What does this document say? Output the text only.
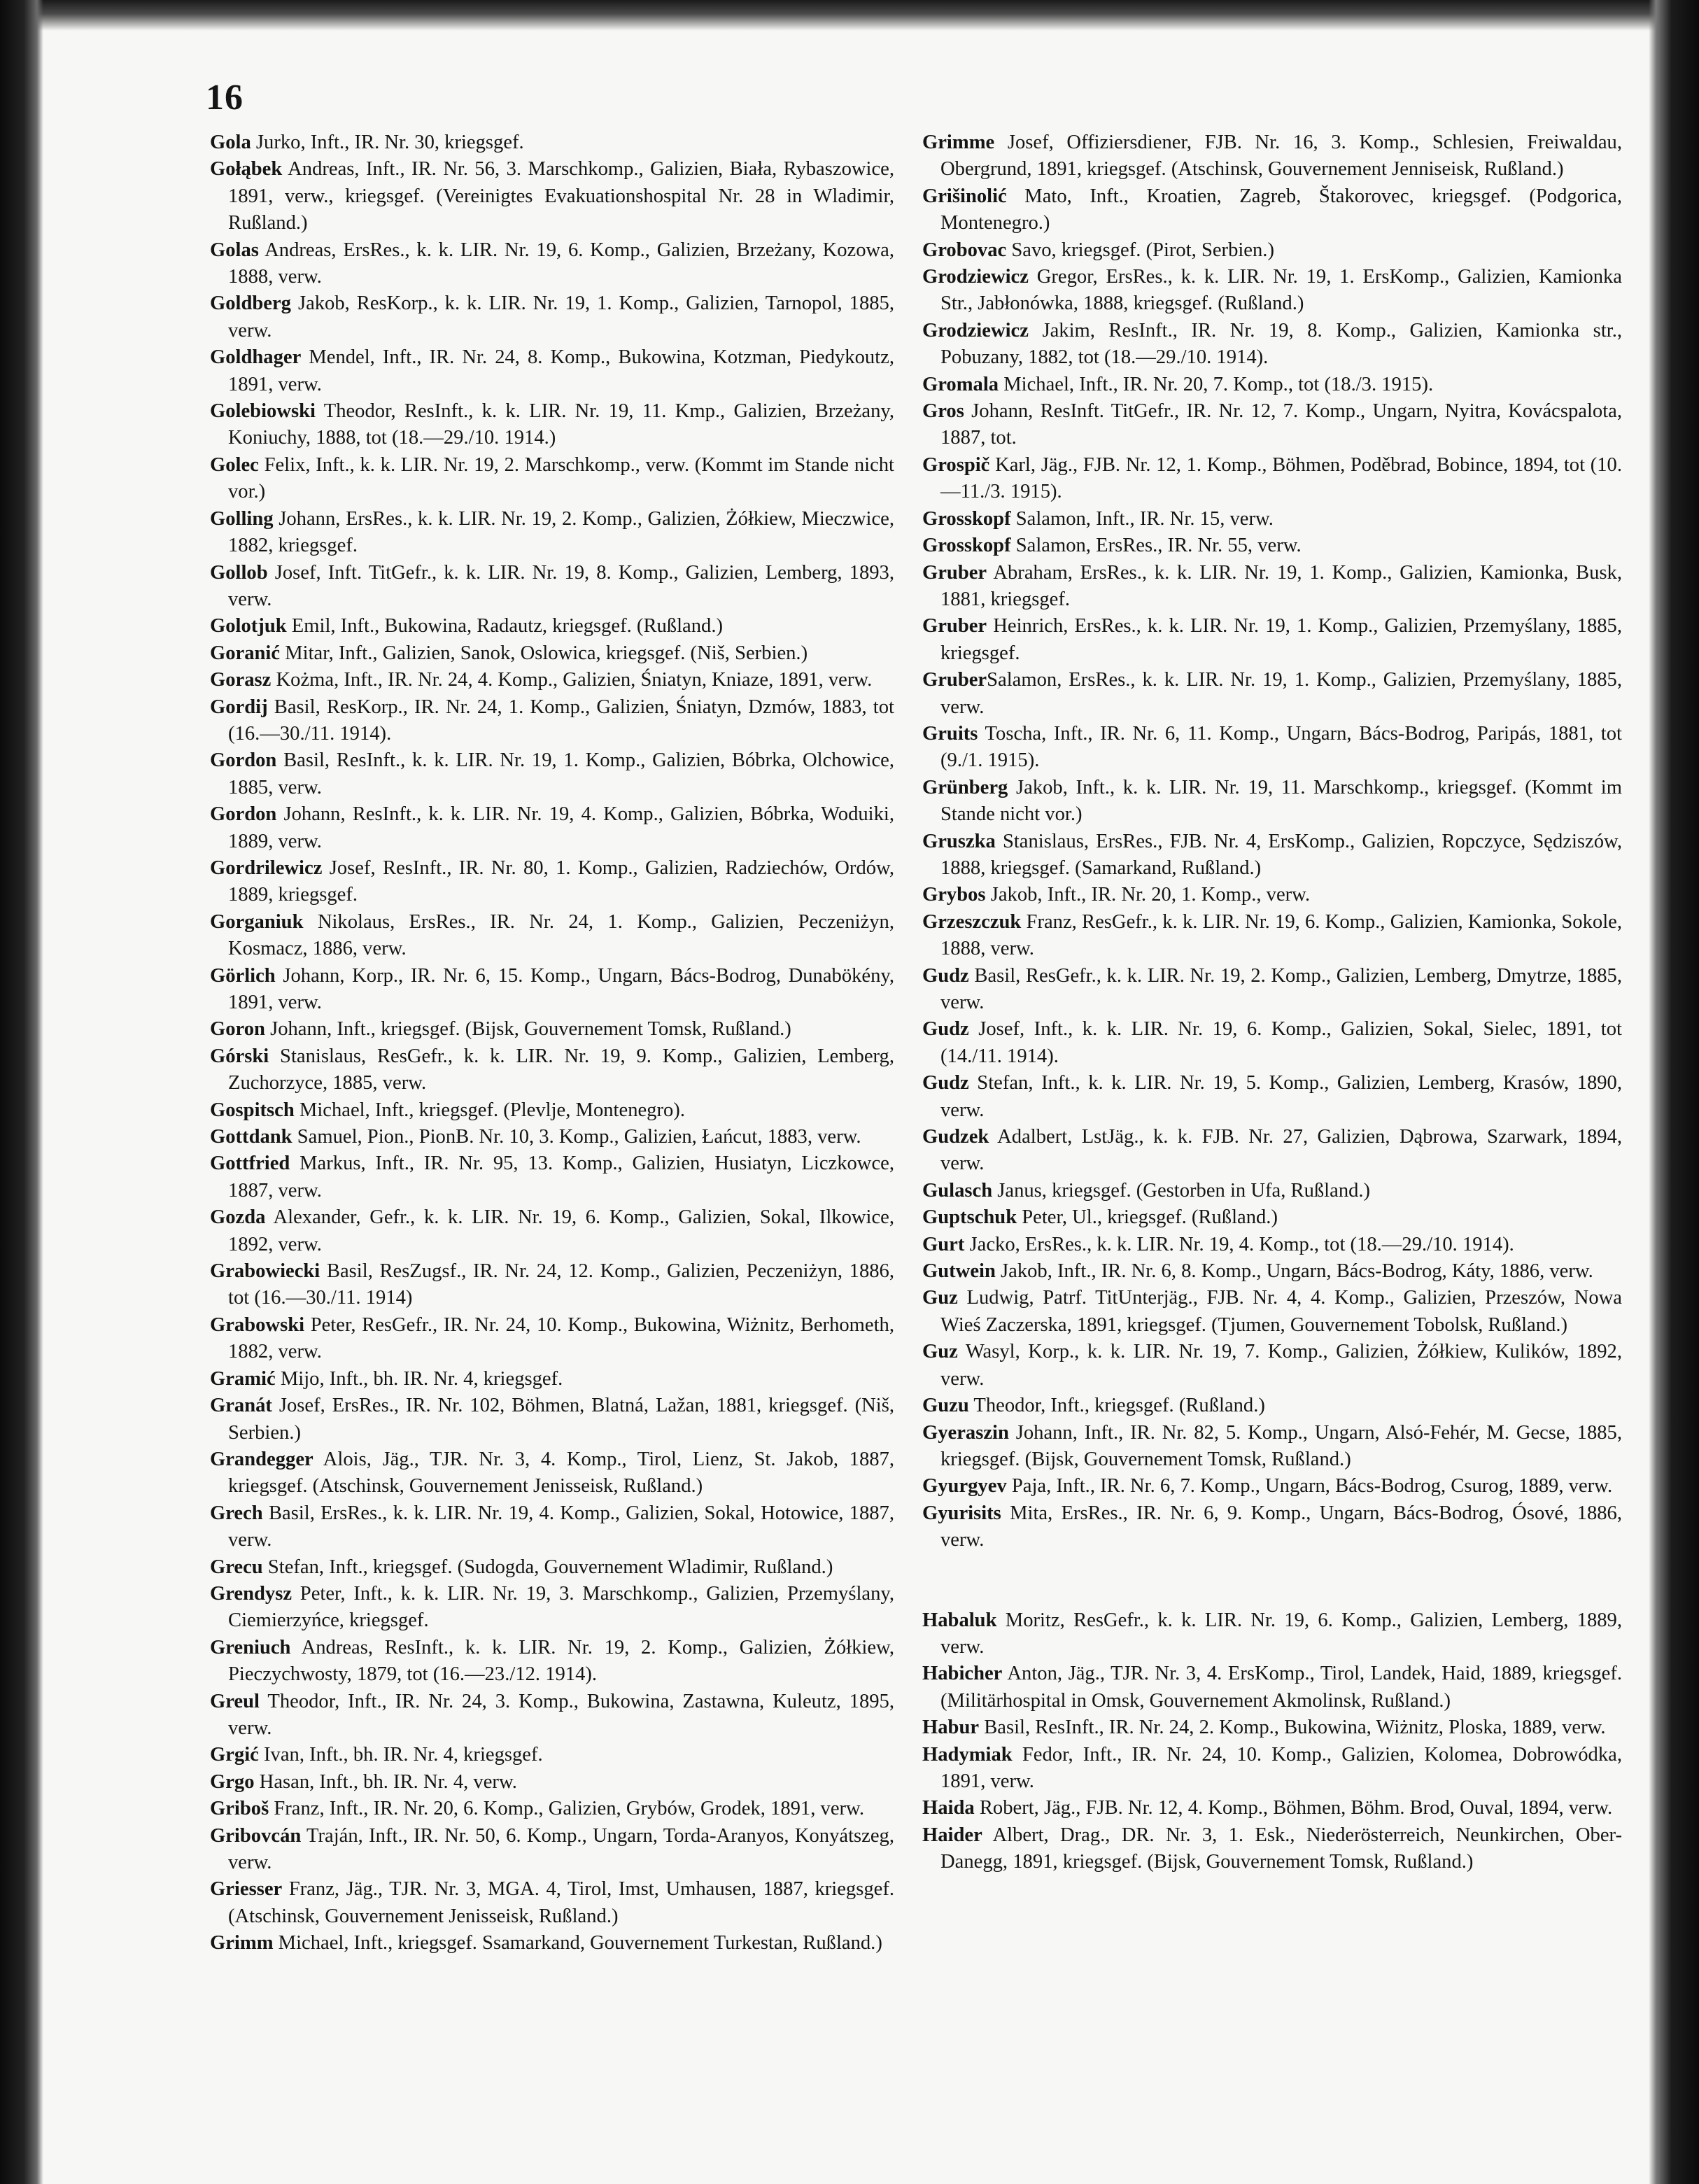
16

Gola Jurko, Inft., IR. Nr. 30, kriegsgef.

Gołąbek Andreas, Inft., IR. Nr. 56, 3. Marschkomp., Galizien, Biała, Rybaszowice, 1891, verw., kriegsgef. (Vereinigtes Evakuationshospital Nr. 28 in Wladimir, Rußland.)

Golas Andreas, ErsRes., k. k. LIR. Nr. 19, 6. Komp., Galizien, Brzeżany, Kozowa, 1888, verw.

Goldberg Jakob, ResKorp., k. k. LIR. Nr. 19, 1. Komp., Galizien, Tarnopol, 1885, verw.

Goldhager Mendel, Inft., IR. Nr. 24, 8. Komp., Bukowina, Kotzman, Piedykoutz, 1891, verw.

Golebiowski Theodor, ResInft., k. k. LIR. Nr. 19, 11. Kmp., Galizien, Brzeżany, Koniuchy, 1888, tot (18.—29./10. 1914.)

Golec Felix, Inft., k. k. LIR. Nr. 19, 2. Marschkomp., verw. (Kommt im Stande nicht vor.)

Golling Johann, ErsRes., k. k. LIR. Nr. 19, 2. Komp., Galizien, Żółkiew, Mieczwice, 1882, kriegsgef.

Gollob Josef, Inft. TitGefr., k. k. LIR. Nr. 19, 8. Komp., Galizien, Lemberg, 1893, verw.

Golotjuk Emil, Inft., Bukowina, Radautz, kriegsgef. (Rußland.)

Goranić Mitar, Inft., Galizien, Sanok, Oslowica, kriegsgef. (Niš, Serbien.)

Gorasz Kożma, Inft., IR. Nr. 24, 4. Komp., Galizien, Śniatyn, Kniaze, 1891, verw.

Gordij Basil, ResKorp., IR. Nr. 24, 1. Komp., Galizien, Śniatyn, Dzmów, 1883, tot (16.—30./11. 1914).

Gordon Basil, ResInft., k. k. LIR. Nr. 19, 1. Komp., Galizien, Bóbrka, Olchowice, 1885, verw.

Gordon Johann, ResInft., k. k. LIR. Nr. 19, 4. Komp., Galizien, Bóbrka, Woduiki, 1889, verw.

Gordrilewicz Josef, ResInft., IR. Nr. 80, 1. Komp., Galizien, Radziechów, Ordów, 1889, kriegsgef.

Gorganiuk Nikolaus, ErsRes., IR. Nr. 24, 1. Komp., Galizien, Peczeniżyn, Kosmacz, 1886, verw.

Görlich Johann, Korp., IR. Nr. 6, 15. Komp., Ungarn, Bács-Bodrog, Dunabökény, 1891, verw.

Goron Johann, Inft., kriegsgef. (Bijsk, Gouvernement Tomsk, Rußland.)

Górski Stanislaus, ResGefr., k. k. LIR. Nr. 19, 9. Komp., Galizien, Lemberg, Zuchorzyce, 1885, verw.

Gospitsch Michael, Inft., kriegsgef. (Plevlje, Montenegro).

Gottdank Samuel, Pion., PionB. Nr. 10, 3. Komp., Galizien, Łańcut, 1883, verw.

Gottfried Markus, Inft., IR. Nr. 95, 13. Komp., Galizien, Husiatyn, Liczkowce, 1887, verw.

Gozda Alexander, Gefr., k. k. LIR. Nr. 19, 6. Komp., Galizien, Sokal, Ilkowice, 1892, verw.

Grabowiecki Basil, ResZugsf., IR. Nr. 24, 12. Komp., Galizien, Peczeniżyn, 1886, tot (16.—30./11. 1914)

Grabowski Peter, ResGefr., IR. Nr. 24, 10. Komp., Bukowina, Wiżnitz, Berhometh, 1882, verw.

Gramić Mijo, Inft., bh. IR. Nr. 4, kriegsgef.

Granát Josef, ErsRes., IR. Nr. 102, Böhmen, Blatná, Lažan, 1881, kriegsgef. (Niš, Serbien.)

Grandegger Alois, Jäg., TJR. Nr. 3, 4. Komp., Tirol, Lienz, St. Jakob, 1887, kriegsgef. (Atschinsk, Gouvernement Jenisseisk, Rußland.)

Grech Basil, ErsRes., k. k. LIR. Nr. 19, 4. Komp., Galizien, Sokal, Hotowice, 1887, verw.

Grecu Stefan, Inft., kriegsgef. (Sudogda, Gouvernement Wladimir, Rußland.)

Grendysz Peter, Inft., k. k. LIR. Nr. 19, 3. Marschkomp., Galizien, Przemyślany, Ciemierzyńce, kriegsgef.

Greniuch Andreas, ResInft., k. k. LIR. Nr. 19, 2. Komp., Galizien, Żółkiew, Pieczychwosty, 1879, tot (16.—23./12. 1914).

Greul Theodor, Inft., IR. Nr. 24, 3. Komp., Bukowina, Zastawna, Kuleutz, 1895, verw.

Grgić Ivan, Inft., bh. IR. Nr. 4, kriegsgef.

Grgo Hasan, Inft., bh. IR. Nr. 4, verw.

Griboš Franz, Inft., IR. Nr. 20, 6. Komp., Galizien, Grybów, Grodek, 1891, verw.

Gribovcán Traján, Inft., IR. Nr. 50, 6. Komp., Ungarn, Torda-Aranyos, Konyátszeg, verw.

Griesser Franz, Jäg., TJR. Nr. 3, MGA. 4, Tirol, Imst, Umhausen, 1887, kriegsgef. (Atschinsk, Gouvernement Jenisseisk, Rußland.)

Grimm Michael, Inft., kriegsgef. Ssamarkand, Gouvernement Turkestan, Rußland.)

Grimme Josef, Offiziersdiener, FJB. Nr. 16, 3. Komp., Schlesien, Freiwaldau, Obergrund, 1891, kriegsgef. (Atschinsk, Gouvernement Jenniseisk, Rußland.)

Grišinolić Mato, Inft., Kroatien, Zagreb, Štakorovec, kriegsgef. (Podgorica, Montenegro.)

Grobovac Savo, kriegsgef. (Pirot, Serbien.)

Grodziewicz Gregor, ErsRes., k. k. LIR. Nr. 19, 1. ErsKomp., Galizien, Kamionka Str., Jabłonówka, 1888, kriegsgef. (Rußland.)

Grodziewicz Jakim, ResInft., IR. Nr. 19, 8. Komp., Galizien, Kamionka str., Pobuzany, 1882, tot (18.—29./10. 1914).

Gromala Michael, Inft., IR. Nr. 20, 7. Komp., tot (18./3. 1915).

Gros Johann, ResInft. TitGefr., IR. Nr. 12, 7. Komp., Ungarn, Nyitra, Kovácspalota, 1887, tot.

Grospič Karl, Jäg., FJB. Nr. 12, 1. Komp., Böhmen, Poděbrad, Bobince, 1894, tot (10.—11./3. 1915).

Grosskopf Salamon, Inft., IR. Nr. 15, verw.

Grosskopf Salamon, ErsRes., IR. Nr. 55, verw.

Gruber Abraham, ErsRes., k. k. LIR. Nr. 19, 1. Komp., Galizien, Kamionka, Busk, 1881, kriegsgef.

Gruber Heinrich, ErsRes., k. k. LIR. Nr. 19, 1. Komp., Galizien, Przemyślany, 1885, kriegsgef.

GruberSalamon, ErsRes., k. k. LIR. Nr. 19, 1. Komp., Galizien, Przemyślany, 1885, verw.

Gruits Toscha, Inft., IR. Nr. 6, 11. Komp., Ungarn, Bács-Bodrog, Paripás, 1881, tot (9./1. 1915).

Grünberg Jakob, Inft., k. k. LIR. Nr. 19, 11. Marschkomp., kriegsgef. (Kommt im Stande nicht vor.)

Gruszka Stanislaus, ErsRes., FJB. Nr. 4, ErsKomp., Galizien, Ropczyce, Sędziszów, 1888, kriegsgef. (Samarkand, Rußland.)

Grybos Jakob, Inft., IR. Nr. 20, 1. Komp., verw.

Grzeszczuk Franz, ResGefr., k. k. LIR. Nr. 19, 6. Komp., Galizien, Kamionka, Sokole, 1888, verw.

Gudz Basil, ResGefr., k. k. LIR. Nr. 19, 2. Komp., Galizien, Lemberg, Dmytrze, 1885, verw.

Gudz Josef, Inft., k. k. LIR. Nr. 19, 6. Komp., Galizien, Sokal, Sielec, 1891, tot (14./11. 1914).

Gudz Stefan, Inft., k. k. LIR. Nr. 19, 5. Komp., Galizien, Lemberg, Krasów, 1890, verw.

Gudzek Adalbert, LstJäg., k. k. FJB. Nr. 27, Galizien, Dąbrowa, Szarwark, 1894, verw.

Gulasch Janus, kriegsgef. (Gestorben in Ufa, Rußland.)

Guptschuk Peter, Ul., kriegsgef. (Rußland.)

Gurt Jacko, ErsRes., k. k. LIR. Nr. 19, 4. Komp., tot (18.—29./10. 1914).

Gutwein Jakob, Inft., IR. Nr. 6, 8. Komp., Ungarn, Bács-Bodrog, Káty, 1886, verw.

Guz Ludwig, Patrf. TitUnterjäg., FJB. Nr. 4, 4. Komp., Galizien, Przeszów, Nowa Wieś Zaczerska, 1891, kriegsgef. (Tjumen, Gouvernement Tobolsk, Rußland.)

Guz Wasyl, Korp., k. k. LIR. Nr. 19, 7. Komp., Galizien, Żółkiew, Kulików, 1892, verw.

Guzu Theodor, Inft., kriegsgef. (Rußland.)

Gyeraszin Johann, Inft., IR. Nr. 82, 5. Komp., Ungarn, Alsó-Fehér, M. Gecse, 1885, kriegsgef. (Bijsk, Gouvernement Tomsk, Rußland.)

Gyurgyev Paja, Inft., IR. Nr. 6, 7. Komp., Ungarn, Bács-Bodrog, Csurog, 1889, verw.

Gyurisits Mita, ErsRes., IR. Nr. 6, 9. Komp., Ungarn, Bács-Bodrog, Ósové, 1886, verw.

Habaluk Moritz, ResGefr., k. k. LIR. Nr. 19, 6. Komp., Galizien, Lemberg, 1889, verw.

Habicher Anton, Jäg., TJR. Nr. 3, 4. ErsKomp., Tirol, Landek, Haid, 1889, kriegsgef. (Militärhospital in Omsk, Gouvernement Akmolinsk, Rußland.)

Habur Basil, ResInft., IR. Nr. 24, 2. Komp., Bukowina, Wiżnitz, Ploska, 1889, verw.

Hadymiak Fedor, Inft., IR. Nr. 24, 10. Komp., Galizien, Kolomea, Dobrowódka, 1891, verw.

Haida Robert, Jäg., FJB. Nr. 12, 4. Komp., Böhmen, Böhm. Brod, Ouval, 1894, verw.

Haider Albert, Drag., DR. Nr. 3, 1. Esk., Niederösterreich, Neunkirchen, Ober-Danegg, 1891, kriegsgef. (Bijsk, Gouvernement Tomsk, Rußland.)
